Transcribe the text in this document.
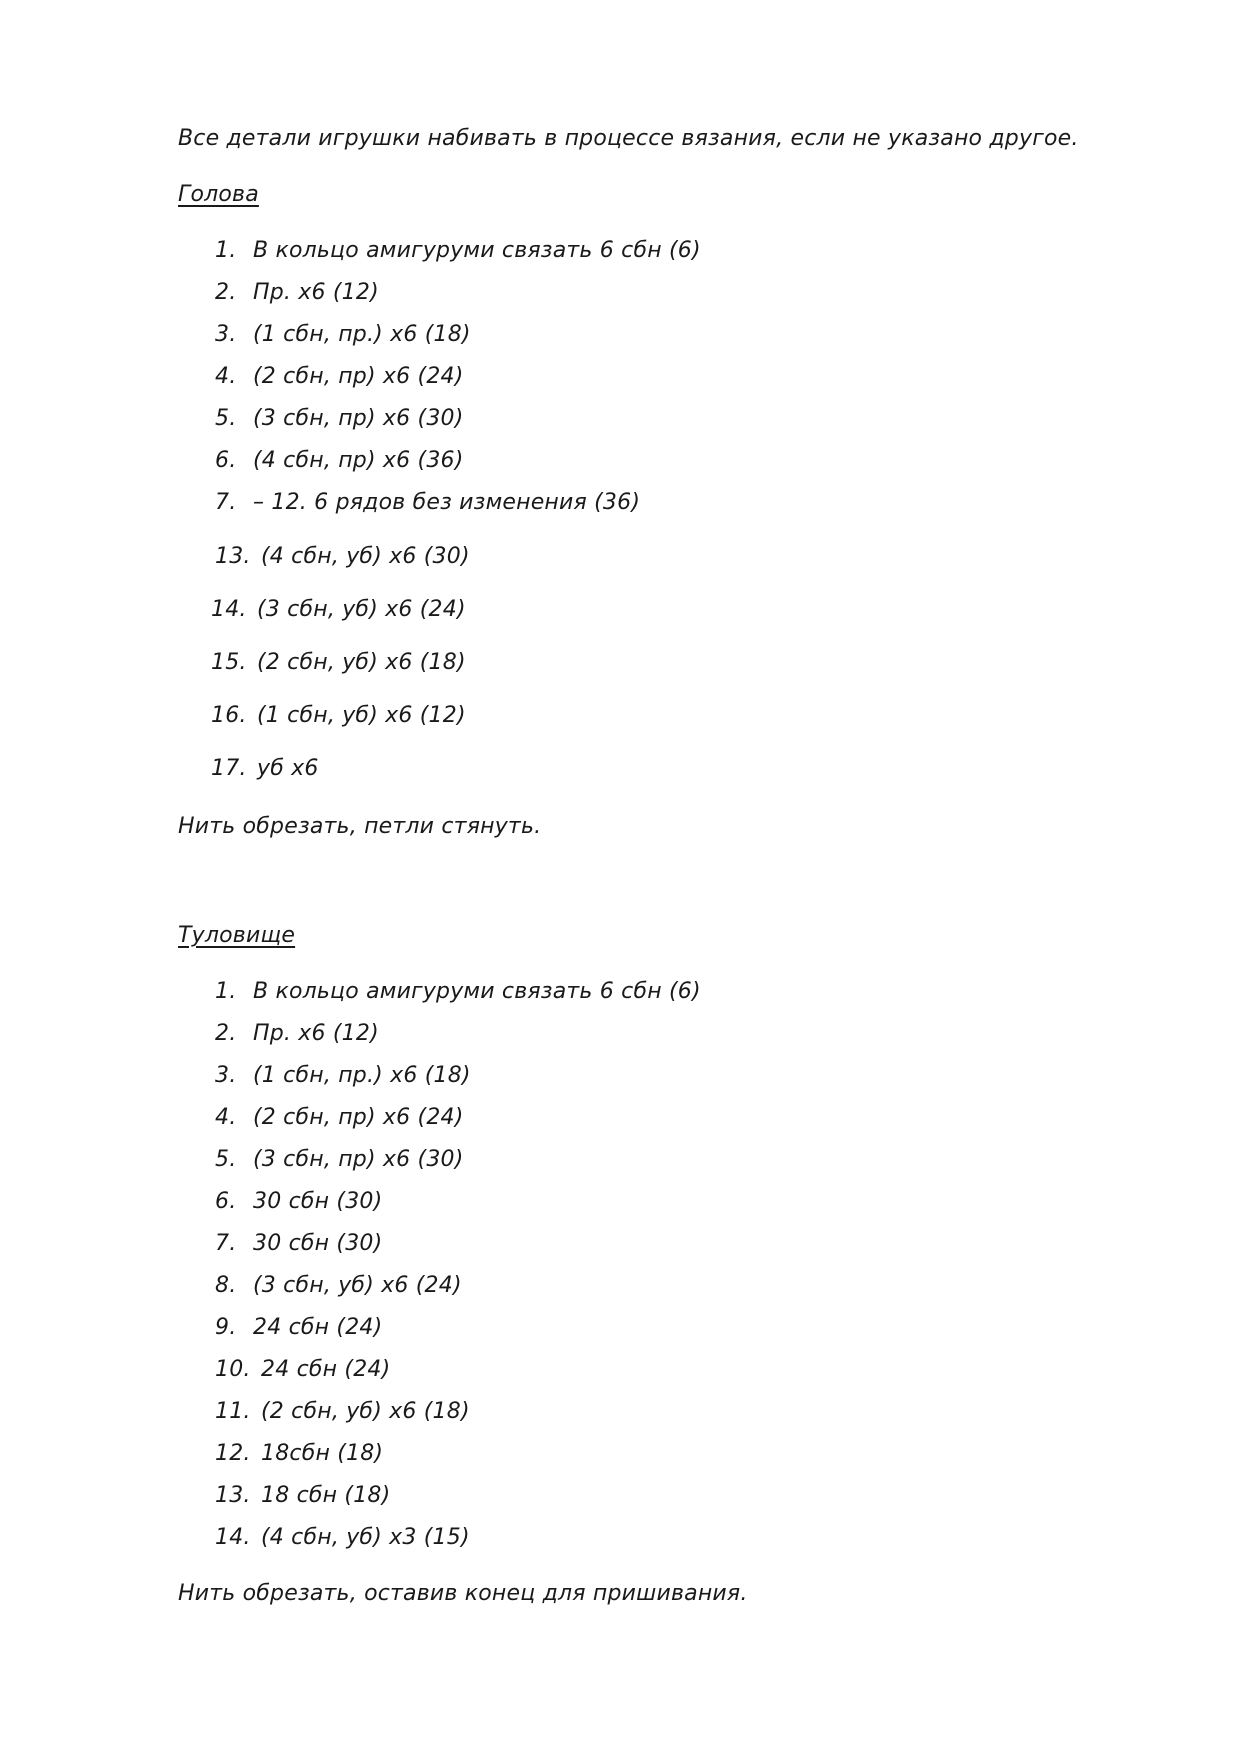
Все детали игрушки набивать в процессе вязания, если не указано другое.
Голова
1. В кольцо амигуруми связать 6 сбн (6)
2. Пр. х6 (12)
3. (1 сбн, пр.) х6 (18)
4. (2 сбн, пр) х6 (24)
5. (3 сбн, пр) х6 (30)
6. (4 сбн, пр) х6 (36)
7. – 12. 6 рядов без изменения (36)
13. (4 сбн, уб) х6 (30)
14. (3 сбн, уб) х6 (24)
15. (2 сбн, уб) х6 (18)
16. (1 сбн, уб) х6 (12)
17. уб х6
Нить обрезать, петли стянуть.
Туловище
1. В кольцо амигуруми связать 6 сбн (6)
2. Пр. х6 (12)
3. (1 сбн, пр.) х6 (18)
4. (2 сбн, пр) х6 (24)
5. (3 сбн, пр) х6 (30)
6. 30 сбн (30)
7. 30 сбн (30)
8. (3 сбн, уб) х6 (24)
9. 24 сбн (24)
10. 24 сбн (24)
11. (2 сбн, уб) х6 (18)
12. 18сбн (18)
13. 18 сбн (18)
14. (4 сбн, уб) х3 (15)
Нить обрезать, оставив конец для пришивания.
